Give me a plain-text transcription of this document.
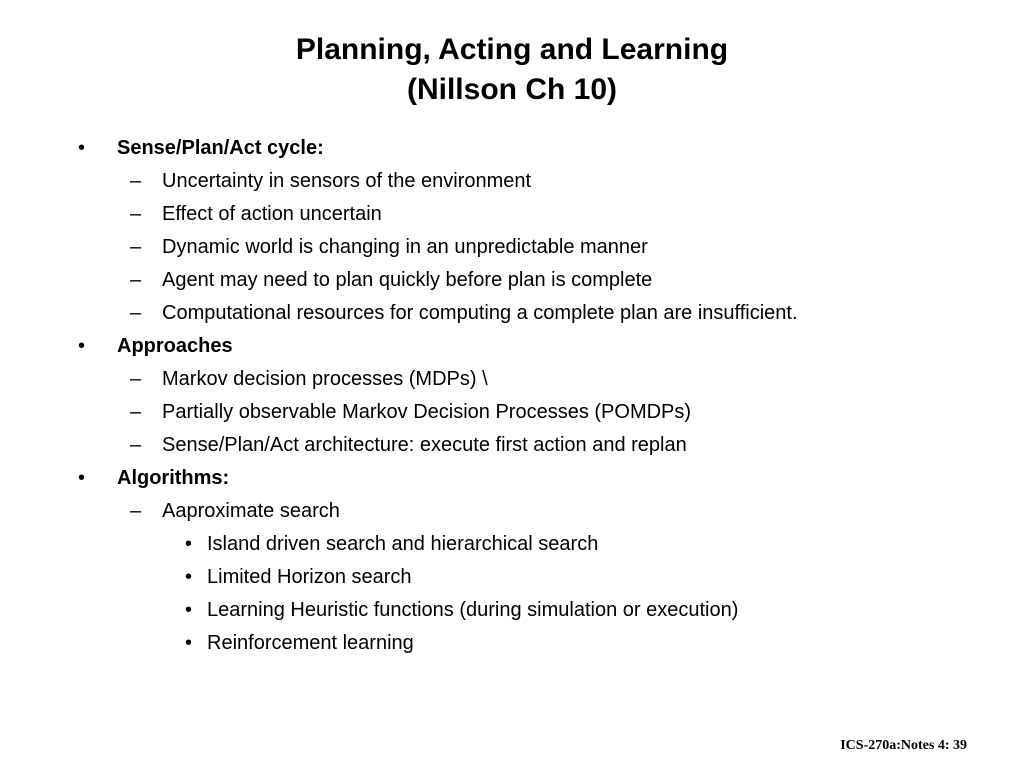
Planning, Acting and Learning
(Nillson Ch 10)
• Sense/Plan/Act cycle:
– Uncertainty in sensors of the environment
– Effect of action uncertain
– Dynamic world is changing in an unpredictable manner
– Agent may need to plan quickly before plan is complete
– Computational resources for computing a complete plan are insufficient.
• Approaches
– Markov decision processes (MDPs) \
– Partially observable Markov Decision Processes (POMDPs)
– Sense/Plan/Act architecture: execute first action and replan
• Algorithms:
– Aaproximate search
• Island driven search and hierarchical search
• Limited Horizon search
• Learning Heuristic functions (during simulation or execution)
• Reinforcement learning
ICS-270a:Notes 4: 39
